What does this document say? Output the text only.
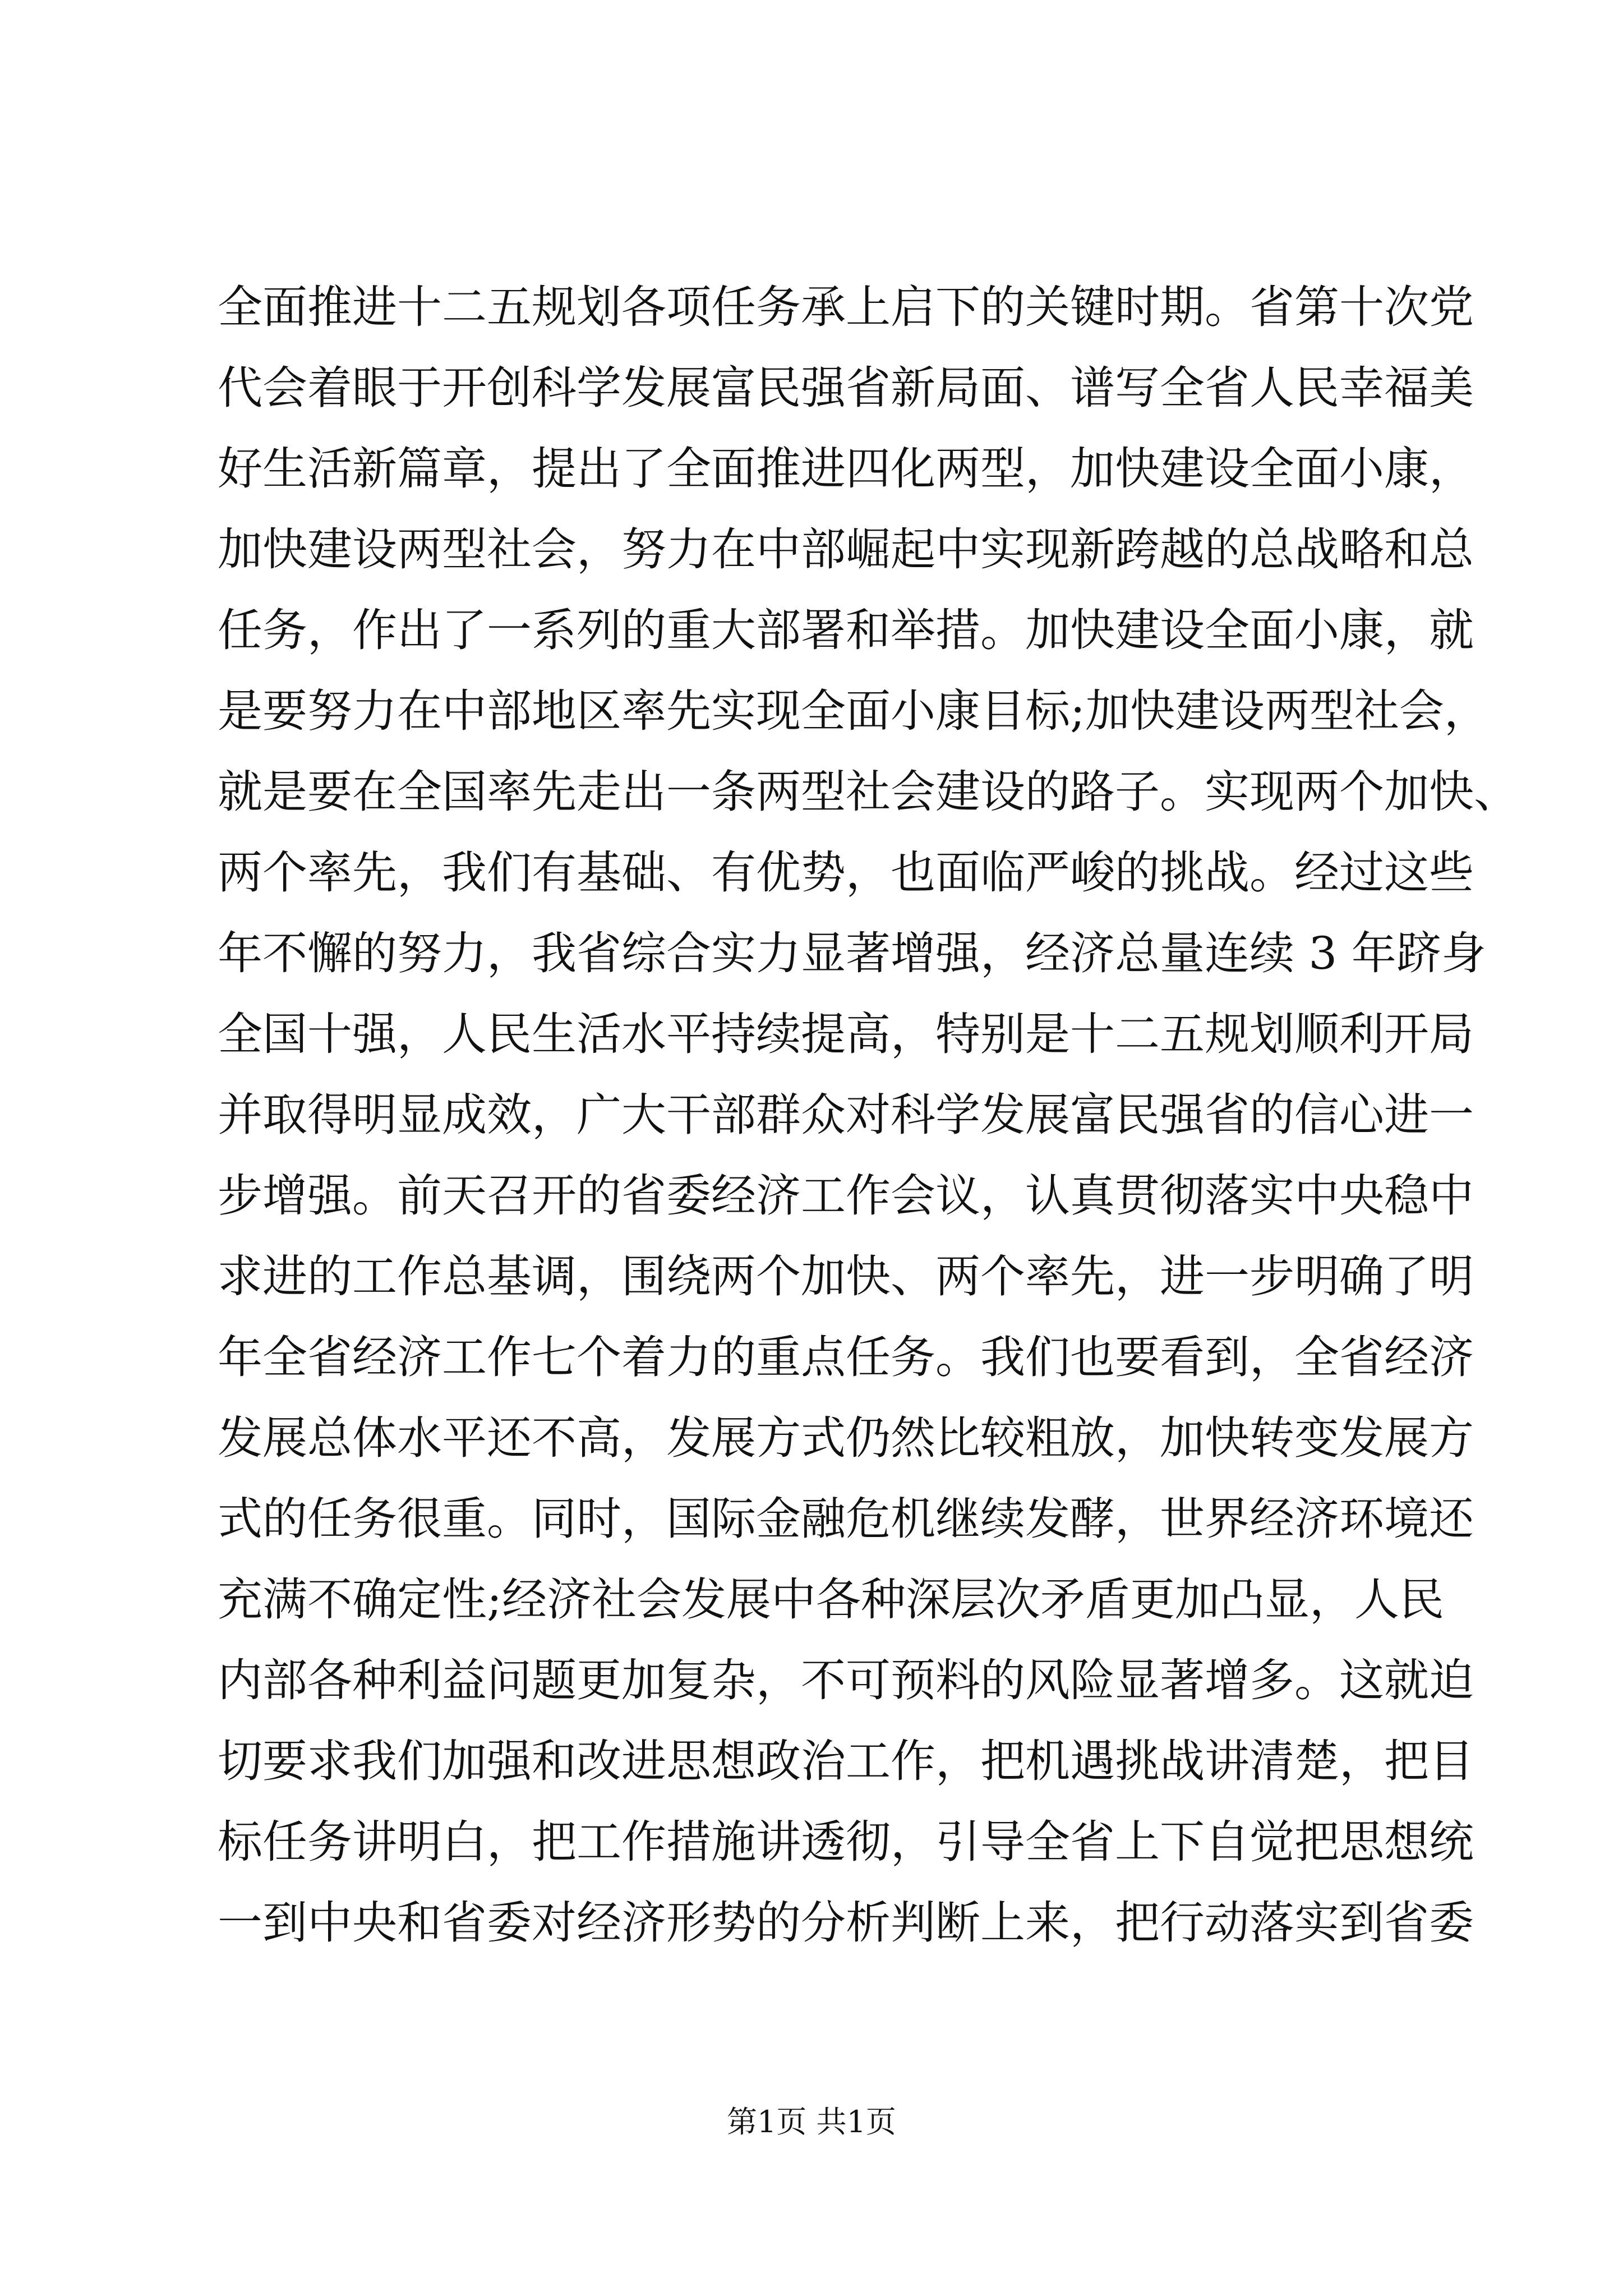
全面推进十二五规划各项任务承上启下的关键时期。省第十次党
代会着眼于开创科学发展富民强省新局面、谱写全省人民幸福美
好生活新篇章，提出了全面推进四化两型，加快建设全面小康，
加快建设两型社会，努力在中部崛起中实现新跨越的总战略和总
任务，作出了一系列的重大部署和举措。加快建设全面小康，就
是要努力在中部地区率先实现全面小康目标;加快建设两型社会，
就是要在全国率先走出一条两型社会建设的路子。实现两个加快、
两个率先，我们有基础、有优势，也面临严峻的挑战。经过这些
年不懈的努力，我省综合实力显著增强，经济总量连续 3 年跻身
全国十强，人民生活水平持续提高，特别是十二五规划顺利开局
并取得明显成效，广大干部群众对科学发展富民强省的信心进一
步增强。前天召开的省委经济工作会议，认真贯彻落实中央稳中
求进的工作总基调，围绕两个加快、两个率先，进一步明确了明
年全省经济工作七个着力的重点任务。我们也要看到，全省经济
发展总体水平还不高，发展方式仍然比较粗放，加快转变发展方
式的任务很重。同时，国际金融危机继续发酵，世界经济环境还
充满不确定性;经济社会发展中各种深层次矛盾更加凸显，人民
内部各种利益问题更加复杂，不可预料的风险显著增多。这就迫
切要求我们加强和改进思想政治工作，把机遇挑战讲清楚，把目
标任务讲明白，把工作措施讲透彻，引导全省上下自觉把思想统
一到中央和省委对经济形势的分析判断上来，把行动落实到省委
第1页 共1页
